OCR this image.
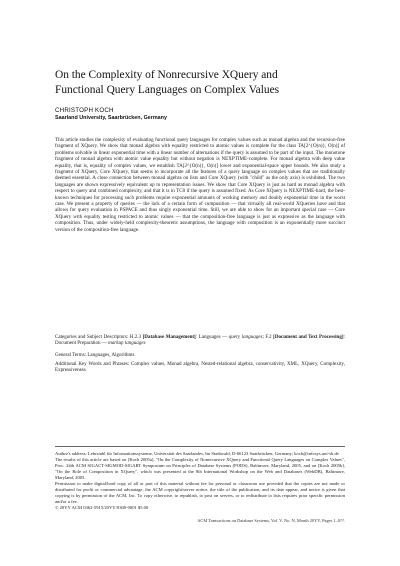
On the Complexity of Nonrecursive XQuery and
Functional Query Languages on Complex Values
CHRISTOPH KOCH
Saarland University, Saarbrücken, Germany

This article studies the complexity of evaluating functional query languages for complex values such as monad algebra and the recursion-free fragment of XQuery. We show that monad algebra with equality restricted to atomic values is complete for the class TA[2^{O(n)}, O(n)] of problems solvable in linear exponential time with a linear number of alternations if the query is assumed to be part of the input. The monotone fragment of monad algebra with atomic value equality but without negation is NEXPTIME-complete. For monad algebra with deep value equality, that is, equality of complex values, we establish TA[2^{O(n)}, O(n)] lower and exponential-space upper bounds. We also study a fragment of XQuery, Core XQuery, that seems to incorporate all the features of a query language on complex values that are traditionally deemed essential. A close connection between monad algebra on lists and Core XQuery (with "child" as the only axis) is exhibited. The two languages are shown expressively equivalent up to representation issues. We show that Core XQuery is just as hard as monad algebra with respect to query and combined complexity, and that it is in TC0 if the query is assumed fixed. As Core XQuery is NEXPTIME-hard, the best-known techniques for processing such problems require exponential amounts of working memory and doubly exponential time in the worst case. We present a property of queries — the lack of a certain form of composition — that virtually all real-world XQueries have and that allows for query evaluation in PSPACE and thus singly exponential time. Still, we are able to show for an important special case — Core XQuery with equality testing restricted to atomic values — that the composition-free language is just as expressive as the language with composition. Thus, under widely-held complexity-theoretic assumptions, the language with composition is an exponentially more succinct version of the composition-free language.

Categories and Subject Descriptors: H.2.3 [Database Management]: Languages — query languages; F.2 [Document and Text Processing]: Document Preparation — markup languages

General Terms: Languages, Algorithms

Additional Key Words and Phrases: Complex values, Monad algebra, Nested-relational algebra, conservativity, XML, XQuery, Complexity, Expressiveness

Author's address: Lehrstuhl für Informationssysteme, Universität des Saarlandes, Im Stadtwald, D-66123 Saarbrücken, Germany; koch@infosys.uni-sb.de

The results of this article are based on [Koch 2005a], "On the Complexity of Nonrecursive XQuery and Functional Query Languages on Complex Values", Proc. 24th ACM SIGACT-SIGMOD-SIGART Symposium on Principles of Database Systems (PODS), Baltimore, Maryland, 2005, and on [Koch 2005b], "On the Role of Composition in XQuery", which was presented at the 8th International Workshop on the Web and Databases (WebDB), Baltimore, Maryland, 2005.

Permission to make digital/hard copy of all or part of this material without fee for personal or classroom use provided that the copies are not made or distributed for profit or commercial advantage, the ACM copyright/server notice, the title of the publication, and its date appear, and notice is given that copying is by permission of the ACM, Inc. To copy otherwise, to republish, to post on servers, or to redistribute to lists requires prior specific permission and/or a fee.

© 20YY ACM 0362-5915/20YY/0300-0001 $5.00

ACM Transactions on Database Systems, Vol. V, No. N, Month 20YY, Pages 1–0??.
